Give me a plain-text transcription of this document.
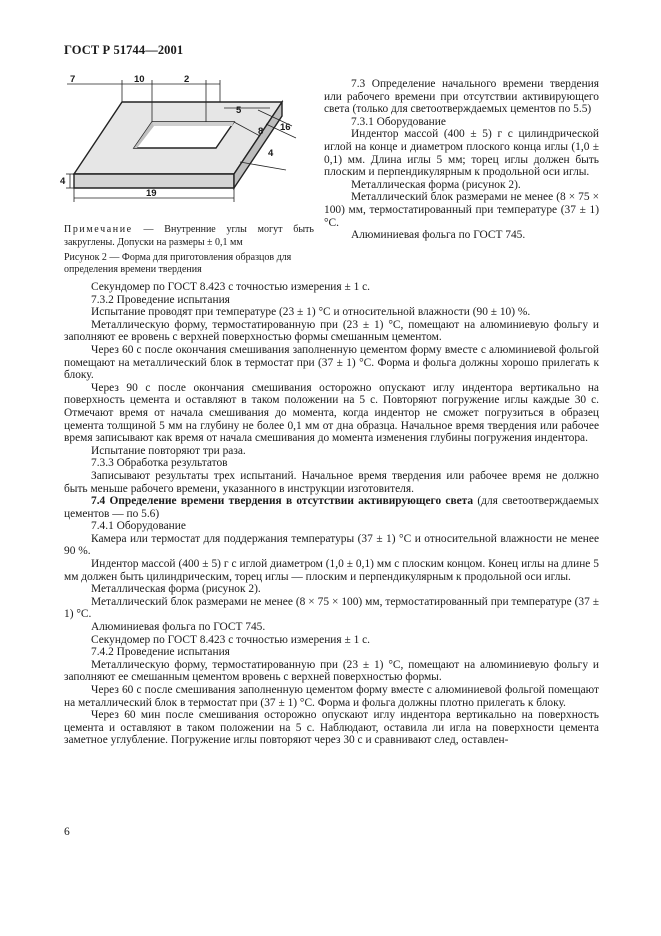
ГОСТ Р 51744—2001
7	10	2
5
8 16
4
4
19
Примечание — Внутренние углы могут быть закруглены. Допуски на размеры ± 0,1 мм
Рисунок 2 — Форма для приготовления образцов для определения времени твердения

7.3 Определение начального времени твердения или рабочего времени при отсутствии активирующего света (только для светоотверждаемых цементов по 5.5)

7.3.1 Оборудование

Индентор массой (400 ± 5) г с цилиндрической иглой на конце и диаметром плоского конца иглы (1,0 ± 0,1) мм. Длина иглы 5 мм; торец иглы должен быть плоским и перпендикулярным к продольной оси иглы.

Металлическая форма (рисунок 2).

Металлический блок размерами не менее (8 × 75 × 100) мм, термостатированный при температуре (37 ± 1) °С.

Алюминиевая фольга по ГОСТ 745.

Секундомер по ГОСТ 8.423 с точностью измерения ± 1 с.

7.3.2 Проведение испытания

Испытание проводят при температуре (23 ± 1) °С и относительной влажности (90 ± 10) %.

Металлическую форму, термостатированную при (23 ± 1) °С, помещают на алюминиевую фольгу и заполняют ее вровень с верхней поверхностью формы смешанным цементом.

Через 60 с после окончания смешивания заполненную цементом форму вместе с алюминиевой фольгой помещают на металлический блок в термостат при (37 ± 1) °С. Форма и фольга должны хорошо прилегать к блоку.

Через 90 с после окончания смешивания осторожно опускают иглу индентора вертикально на поверхность цемента и оставляют в таком положении на 5 с. Повторяют погружение иглы каждые 30 с. Отмечают время от начала смешивания до момента, когда индентор не сможет погрузиться в образец цемента толщиной 5 мм на глубину не более 0,1 мм от дна образца. Начальное время твердения или рабочее время записывают как время от начала смешивания до момента изменения глубины погружения индентора.

Испытание повторяют три раза.

7.3.3 Обработка результатов

Записывают результаты трех испытаний. Начальное время твердения или рабочее время не должно быть меньше рабочего времени, указанного в инструкции изготовителя.

7.4 Определение времени твердения в отсутствии активирующего света (для светоотверждаемых цементов — по 5.6)

7.4.1 Оборудование

Камера или термостат для поддержания температуры (37 ± 1) °С и относительной влажности не менее 90 %.

Индентор массой (400 ± 5) г с иглой диаметром (1,0 ± 0,1) мм с плоским концом. Конец иглы на длине 5 мм должен быть цилиндрическим, торец иглы — плоским и перпендикулярным к продольной оси иглы.

Металлическая форма (рисунок 2).

Металлический блок размерами не менее (8 × 75 × 100) мм, термостатированный при температуре (37 ± 1) °С.

Алюминиевая фольга по ГОСТ 745.

Секундомер по ГОСТ 8.423 с точностью измерения ± 1 с.

7.4.2 Проведение испытания

Металлическую форму, термостатированную при (23 ± 1) °С, помещают на алюминиевую фольгу и заполняют ее смешанным цементом вровень с верхней поверхностью формы.

Через 60 с после смешивания заполненную цементом форму вместе с алюминиевой фольгой помещают на металлический блок в термостат при (37 ± 1) °С. Форма и фольга должны плотно прилегать к блоку.

Через 60 мин после смешивания осторожно опускают иглу индентора вертикально на поверхность цемента и оставляют в таком положении на 5 с. Наблюдают, оставила ли игла на поверхности цемента заметное углубление. Погружение иглы повторяют через 30 с и сравнивают след, оставлен-

6
